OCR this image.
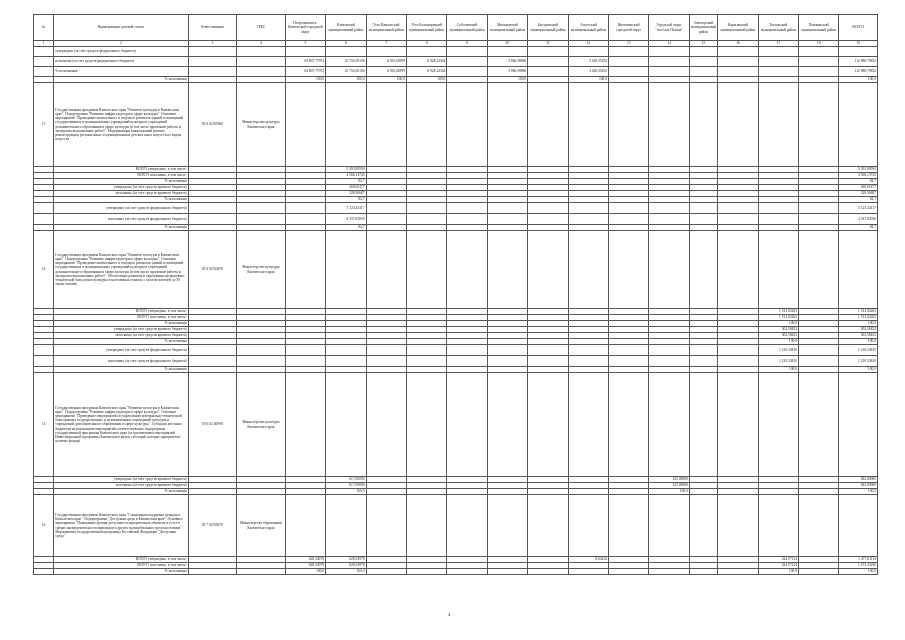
№	Наименование целевой статьи	Ответственные	ГРБС	Петропавловск-Камчатский городской округ	Елизовский муниципальный район	Усть-Камчатский муниципальный район	Усть-Большерецкий муниципальный район	Соболевский муниципальный район	Мильковский муниципальный район	Быстринский муниципальный район	Алеутский муниципальный район	Вилючинский городской округ	Городской округ "поселок Палана"	Олюторский муниципальный район	Карагинский муниципальный район	Тигильский муниципальный район	Пенжинский муниципальный район	ВСЕГО
1	2	3	4	5	6	7	8	9	10	11	12	13	14	15	16	17	18	19
	утверждено (за счет средств федерального бюджета)																	
	исполнено (за счет средств федерального бюджета)			64 807,77972	25 756,30106	6 565,02999	8 928,24344		3 860,58860		3 430,35292							112 988,79834
	% исполнения			64 807,77972	25 756,30106	6 565,02999	8 928,24344		3 860,58860		3 430,35292							112 988,79834
	% исполнения			100,0	100,0	100,0	100,0		100,0		100,0							100,0
13	Государственная программа Камчатского края "Развитие культуры в Камчатском крае". Подпрограмма "Развитие инфраструктуры в сфере культуры". Основное мероприятие "Проведение капитального и текущего ремонтов зданий и помещений государственных и муниципальных учреждений культуры и учреждений дополнительного образования в сфере культуры (в том числе проектные работы и экспертиза выполненных работ)". Модернизация (капитальный ремонт, реконструкция) региональных и муниципальных детских школ искусств по видам искусств	05 6 02 R5560	Министерство культуры Камчатского края															
	ВСЕГО утверждено, в том числе:				5 393,09594													5 393,09594
	ВСЕГО исполнено, в том числе:				4 566,13743													4 566,13743
	% исполнения				84,7													84,7
	утверждено (за счет средств краевого бюджета)				269,65477													269,65477
	исполнено (за счет средств краевого бюджета)				228,30687													228,30687
	% исполнения				84,7													84,7
	утверждено (за счет средств федерального бюджета)				5 123,44117													5 123,44117
	исполнено (за счет средств федерального бюджета)				4 337,83056													4 337,83056
	% исполнения				84,7													84,7
14	Государственная программа Камчатского края "Развитие культуры в Камчатском крае". Подпрограмма "Развитие инфраструктуры в сфере культуры". Основное мероприятие "Проведение капитального и текущего ремонтов зданий и помещений государственных и муниципальных учреждений культуры и учреждений дополнительного образования в сфере культуры (в том числе проектные работы и экспертиза выполненных работ)". Обеспечение развития и укрепления материально-технической базы домов культуры в населенных пунктах с числом жителей до 50 тысяч человек	05 6 02 R4670	Министерство культуры Камчатского края															
	ВСЕГО утверждено, в том числе:															1 512,92263		1 512,92263
	ВСЕГО исполнено, в том числе:															1 512,92263		1 512,92263
	% исполнения															100,0		100,0
	утверждено (за счет средств краевого бюджета)															302,58452		302,58452
	исполнено (за счет средств краевого бюджета)															302,58452		302,58452
	% исполнения															100,0		100,0
	утверждено (за счет средств федерального бюджета)															1 210,33810		1 210,33810
	исполнено (за счет средств федерального бюджета)															1 210,33810		1 210,33810
	% исполнения															100,0		100,0
15	Государственная программа Камчатского края "Развитие культуры в Камчатском крае". Подпрограмма "Развитие инфраструктуры в сфере культуры". Основное мероприятие "Проведение мероприятий по укреплению материально-технической базы краевых государственных и муниципальных учреждений культуры и учреждений дополнительного образования в сфере культуры". Субсидии местным бюджетам на реализацию мероприятий соответствующих подпрограмм государственной программы Камчатского края (за исключением мероприятий Инвестиционной программы Камчатского края и субсидий, которые приоритетно-целевые фонды)	05 6 02 40090	Министерство культуры Камчатского края															
	утверждено (за счет средств краевого бюджета)				617,00000								225,00000					842,00000
	исполнено (за счет средств краевого бюджета)				617,00000								225,00000					842,00000
	% исполнения				100,0								100,0					100,0
16	Государственная программа Камчатского края "Социальная поддержка граждан в Камчатском крае". Подпрограмма "Доступная среда в Камчатском крае". Основное мероприятие "Повышение уровня доступности приоритетных объектов и услуг в сферах жизнедеятельности инвалидов и других маломобильных групп населения". Мероприятия государственной программы Российской Федерации "Доступная среда"	05 7 02 R0270	Министерство образования Камчатского края															
	ВСЕГО утверждено, в том числе:			620,34078	628,54978						8,64216					224,57124		1 477,63114
	ВСЕГО исполнено, в том числе:			620,34078	628,54978											224,57124		1 473,43180
	% исполнения			100,0	100,0											100,0		100,0
4
